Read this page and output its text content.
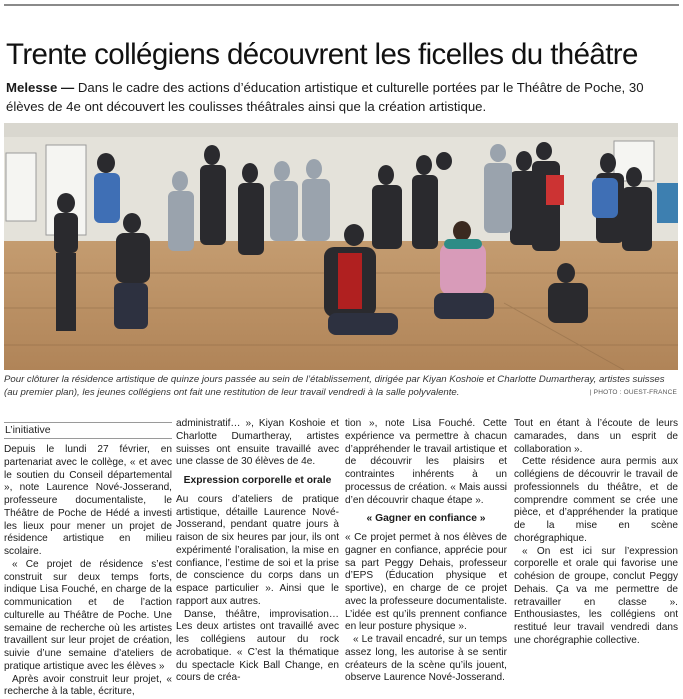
Trente collégiens découvrent les ficelles du théâtre
Melesse — Dans le cadre des actions d’éducation artistique et culturelle portées par le Théâtre de Poche, 30 élèves de 4e ont découvert les coulisses théâtrales ainsi que la création artistique.

Pour clôturer la résidence artistique de quinze jours passée au sein de l’établissement, dirigée par Kiyan Koshoie et Charlotte Dumartheray, artistes suisses (au premier plan), les jeunes collégiens ont fait une restitution de leur travail vendredi à la salle polyvalente.	| PHOTO : OUEST-FRANCE
L’initiative

Depuis le lundi 27 février, en partenariat avec le collège, « et avec le soutien du Conseil départemental », note Laurence Nové-Josserand, professeure documentaliste, le Théâtre de Poche de Hédé a investi les lieux pour mener un projet de résidence artistique en milieu scolaire.

« Ce projet de résidence s’est construit sur deux temps forts, indique Lisa Fouché, en charge de la communication et de l’action culturelle au Théâtre de Poche. Une semaine de recherche où les artistes travaillent sur leur projet de création, suivie d’une semaine d’ateliers de pratique artistique avec les élèves »

Après avoir construit leur projet, « recherche à la table, écriture,

administratif… », Kiyan Koshoie et Charlotte Dumartheray, artistes suisses ont ensuite travaillé avec une classe de 30 élèves de 4e.

Expression corporelle et orale

Au cours d’ateliers de pratique artistique, détaille Laurence Nové-Josserand, pendant quatre jours à raison de six heures par jour, ils ont expérimenté l’oralisation, la mise en confiance, l’estime de soi et la prise de conscience du corps dans un espace particulier ». Ainsi que le rapport aux autres.

Danse, théâtre, improvisation… Les deux artistes ont travaillé avec les collégiens autour du rock acrobatique. « C’est la thématique du spectacle Kick Ball Change, en cours de créa-

tion », note Lisa Fouché. Cette expérience va permettre à chacun d’appréhender le travail artistique et de découvrir les plaisirs et contraintes inhérents à un processus de création. « Mais aussi d’en découvrir chaque étape ».

« Gagner en confiance »

« Ce projet permet à nos élèves de gagner en confiance, apprécie pour sa part Peggy Dehais, professeur d’EPS (Éducation physique et sportive), en charge de ce projet avec la professeure documentaliste. L’idée est qu’ils prennent confiance en leur posture physique ».

« Le travail encadré, sur un temps assez long, les autorise à se sentir créateurs de la scène qu’ils jouent, observe Laurence Nové-Josserand.

Tout en étant à l’écoute de leurs camarades, dans un esprit de collaboration ».

Cette résidence aura permis aux collégiens de découvrir le travail de professionnels du théâtre, et de comprendre comment se crée une pièce, et d’appréhender la pratique de la mise en scène chorégraphique.

« On est ici sur l’expression corporelle et orale qui favorise une cohésion de groupe, conclut Peggy Dehais. Ça va me permettre de retravailler en classe ». Enthousiastes, les collégiens ont restitué leur travail vendredi dans une chorégraphie collective.
